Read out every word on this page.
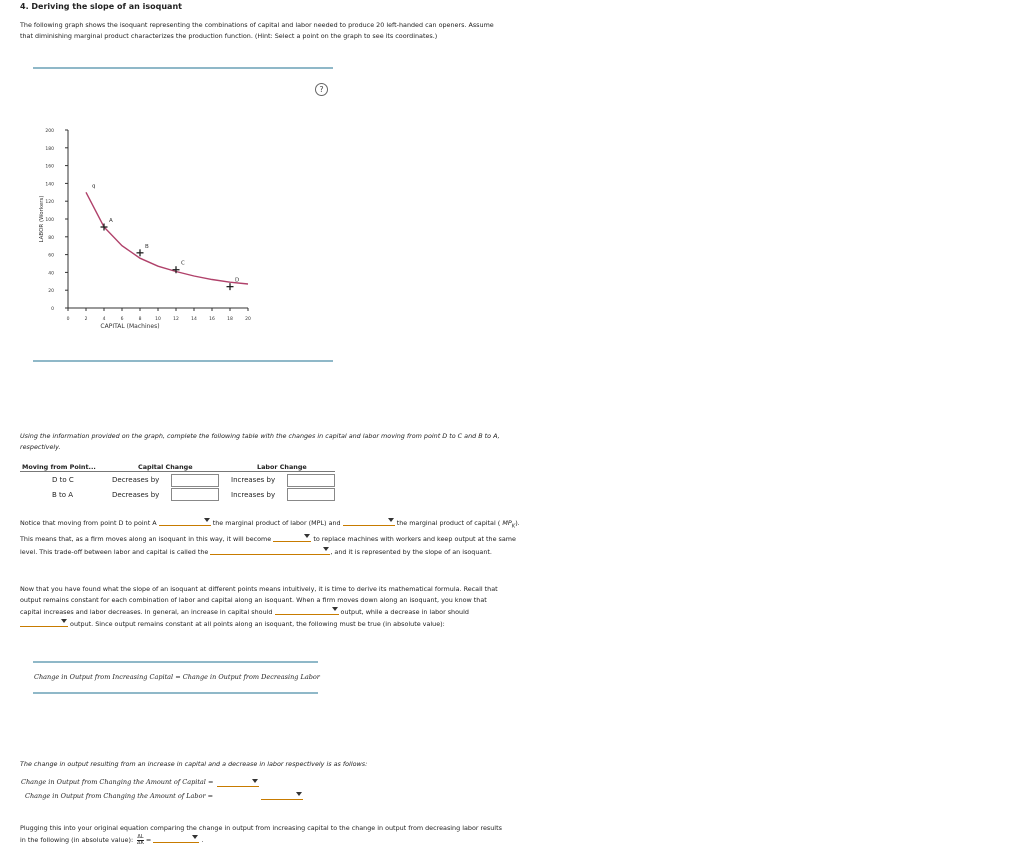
4. Deriving the slope of an isoquant
The following graph shows the isoquant representing the combinations of capital and labor needed to produce 20 left-handed can openers. Assume
that diminishing marginal product characterizes the production function. (Hint: Select a point on the graph to see its coordinates.)
?
0
20
40
60
80
100
120
140
160
180
200
0	2	4	6	8	10	12	14	16	18	20
CAPITAL (Machines)
LABOR (Workers)
q
A
B
C
D
Using the information provided on the graph, complete the following table with the changes in capital and labor moving from point D to C and B to A,
respectively.
Moving from Point...	Capital Change	Labor Change
D to C	Decreases by	Increases by
B to A	Decreases by	Increases by
Notice that moving from point D to point A	the marginal product of labor (MPL) and	the marginal product of capital ( $MP_K$). This means that, as a firm moves along an isoquant in this way, it will become	to replace machines with workers and keep output at the same level. This trade-off between labor and capital is called the	, and it is represented by the slope of an isoquant.
Now that you have found what the slope of an isoquant at different points means intuitively, it is time to derive its mathematical formula. Recall that
output remains constant for each combination of labor and capital along an isoquant. When a firm moves down along an isoquant, you know that
capital increases and labor decreases. In general, an increase in capital should	output, while a decrease in labor should
output. Since output remains constant at all points along an isoquant, the following must be true (in absolute value):
Change in Output from Increasing Capital = Change in Output from Decreasing Labor
The change in output resulting from an increase in capital and a decrease in labor respectively is as follows:
Change in Output from Changing the Amount of Capital =

Change in Output from Changing the Amount of Labor =
Plugging this into your original equation comparing the change in output from increasing capital to the change in output from decreasing labor results
in the following (in absolute value): $\frac{\Delta L}{\Delta K}$ =	.
